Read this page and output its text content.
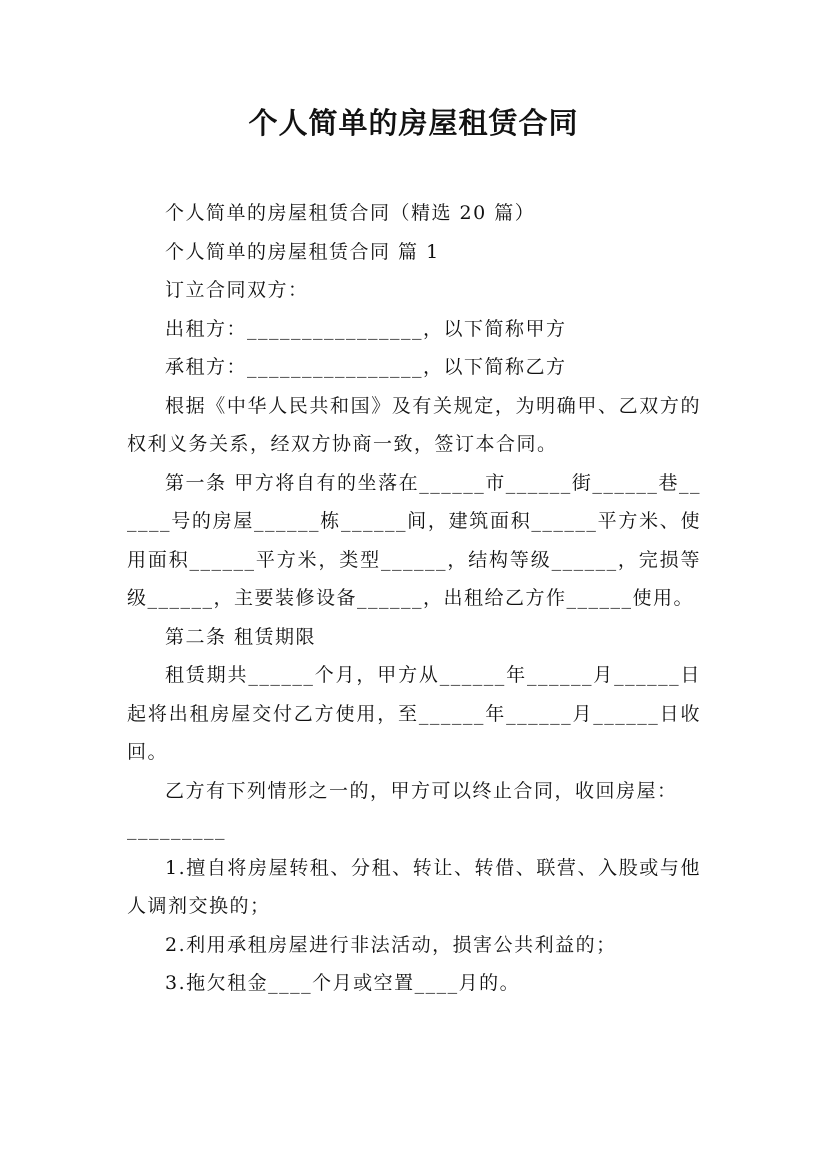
个人简单的房屋租赁合同

个人简单的房屋租赁合同（精选 20 篇）

个人简单的房屋租赁合同 篇 1

订立合同双方：

出租方：________________，以下简称甲方

承租方：________________，以下简称乙方

根据《中华人民共和国》及有关规定，为明确甲、乙双方的权利义务关系，经双方协商一致，签订本合同。

第一条 甲方将自有的坐落在______市______街______巷______号的房屋______栋______间，建筑面积______平方米、使用面积______平方米，类型______，结构等级______，完损等级______，主要装修设备______，出租给乙方作______使用。

第二条 租赁期限

租赁期共______个月，甲方从______年______月______日起将出租房屋交付乙方使用，至______年______月______日收回。

乙方有下列情形之一的，甲方可以终止合同，收回房屋：

_________

1.擅自将房屋转租、分租、转让、转借、联营、入股或与他人调剂交换的；

2.利用承租房屋进行非法活动，损害公共利益的；

3.拖欠租金____个月或空置____月的。
